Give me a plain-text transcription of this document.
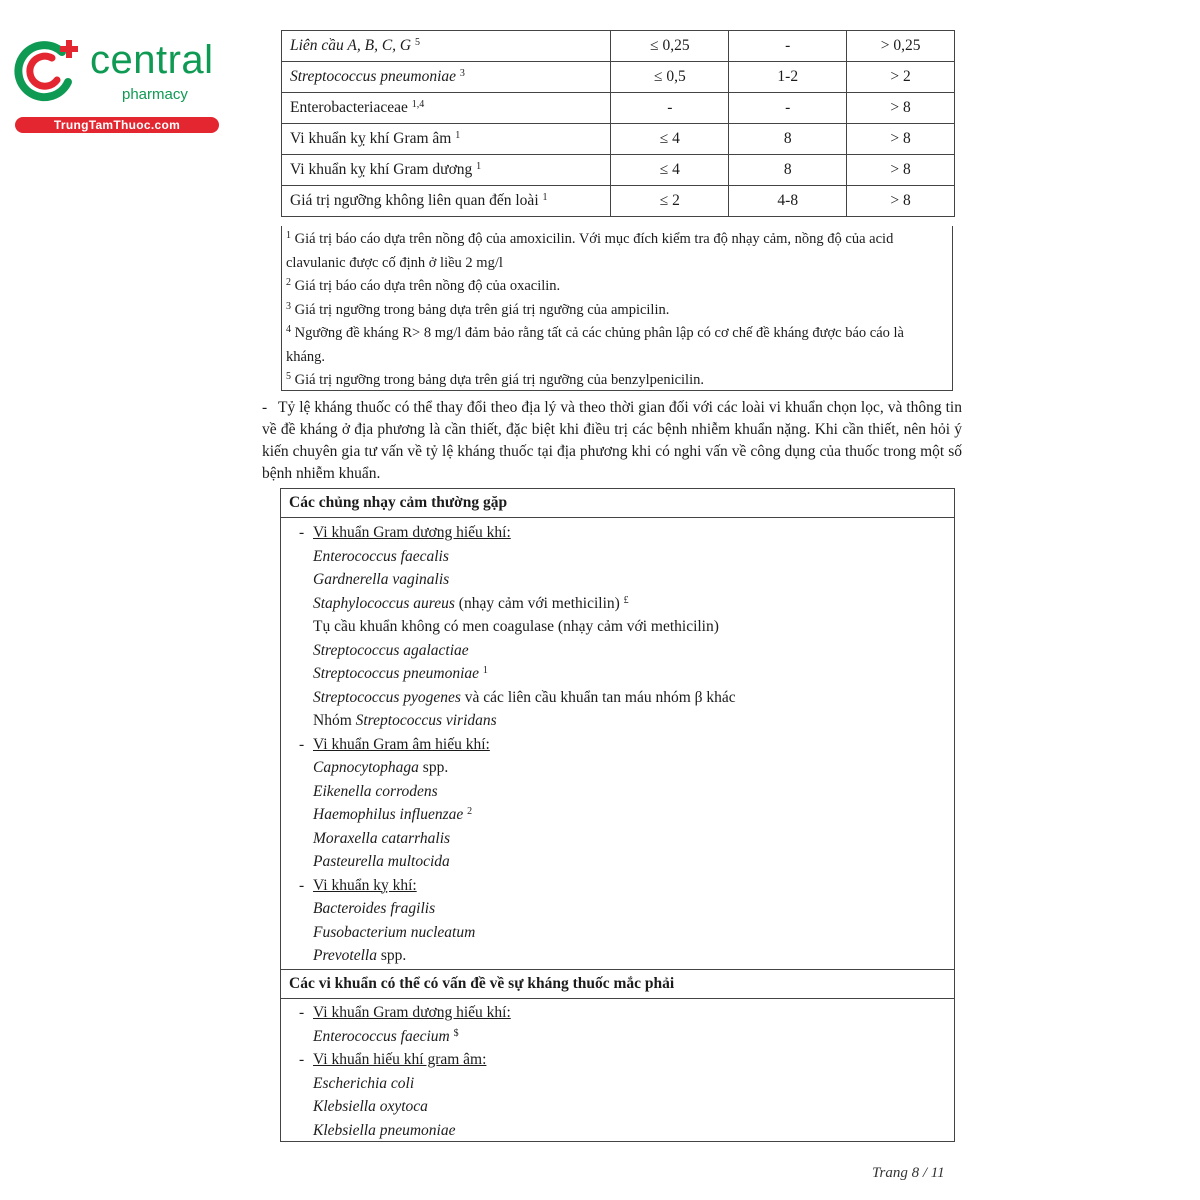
central
pharmacy
TrungTamThuoc.com
Liên cầu A, B, C, G $^5$	≤ 0,25	-	> 0,25
Streptococcus pneumoniae $^3$	≤ 0,5	1-2	> 2
Enterobacteriaceae $^{1,4}$	-	-	> 8
Vi khuẩn kỵ khí Gram âm $^1$	≤ 4	8	> 8
Vi khuẩn kỵ khí Gram dương $^1$	≤ 4	8	> 8
Giá trị ngưỡng không liên quan đến loài $^1$	≤ 2	4-8	> 8

$^1$ Giá trị báo cáo dựa trên nồng độ của amoxicilin. Với mục đích kiểm tra độ nhạy cảm, nồng độ của acid clavulanic được cố định ở liều 2 mg/l

$^2$ Giá trị báo cáo dựa trên nồng độ của oxacilin.

$^3$ Giá trị ngưỡng trong bảng dựa trên giá trị ngưỡng của ampicilin.

$^4$ Ngưỡng đề kháng R> 8 mg/l đảm bảo rằng tất cả các chủng phân lập có cơ chế đề kháng được báo cáo là kháng.

$^5$ Giá trị ngưỡng trong bảng dựa trên giá trị ngưỡng của benzylpenicilin.

- Tỷ lệ kháng thuốc có thể thay đổi theo địa lý và theo thời gian đối với các loài vi khuẩn chọn lọc, và thông tin về đề kháng ở địa phương là cần thiết, đặc biệt khi điều trị các bệnh nhiễm khuẩn nặng. Khi cần thiết, nên hỏi ý kiến chuyên gia tư vấn về tỷ lệ kháng thuốc tại địa phương khi có nghi vấn về công dụng của thuốc trong một số bệnh nhiễm khuẩn.
Các chủng nhạy cảm thường gặp
- Vi khuẩn Gram dương hiếu khí:
Enterococcus faecalis
Gardnerella vaginalis
Staphylococcus aureus (nhạy cảm với methicilin) £
Tụ cầu khuẩn không có men coagulase (nhạy cảm với methicilin)
Streptococcus agalactiae
Streptococcus pneumoniae $^1$
Streptococcus pyogenes và các liên cầu khuẩn tan máu nhóm β khác
Nhóm Streptococcus viridans
- Vi khuẩn Gram âm hiếu khí:
Capnocytophaga spp.
Eikenella corrodens
Haemophilus influenzae $^2$
Moraxella catarrhalis
Pasteurella multocida
- Vi khuẩn kỵ khí:
Bacteroides fragilis
Fusobacterium nucleatum
Prevotella spp.
Các vi khuẩn có thể có vấn đề về sự kháng thuốc mắc phải
- Vi khuẩn Gram dương hiếu khí:
Enterococcus faecium $
- Vi khuẩn hiếu khí gram âm:
Escherichia coli
Klebsiella oxytoca
Klebsiella pneumoniae
Trang 8 / 11
